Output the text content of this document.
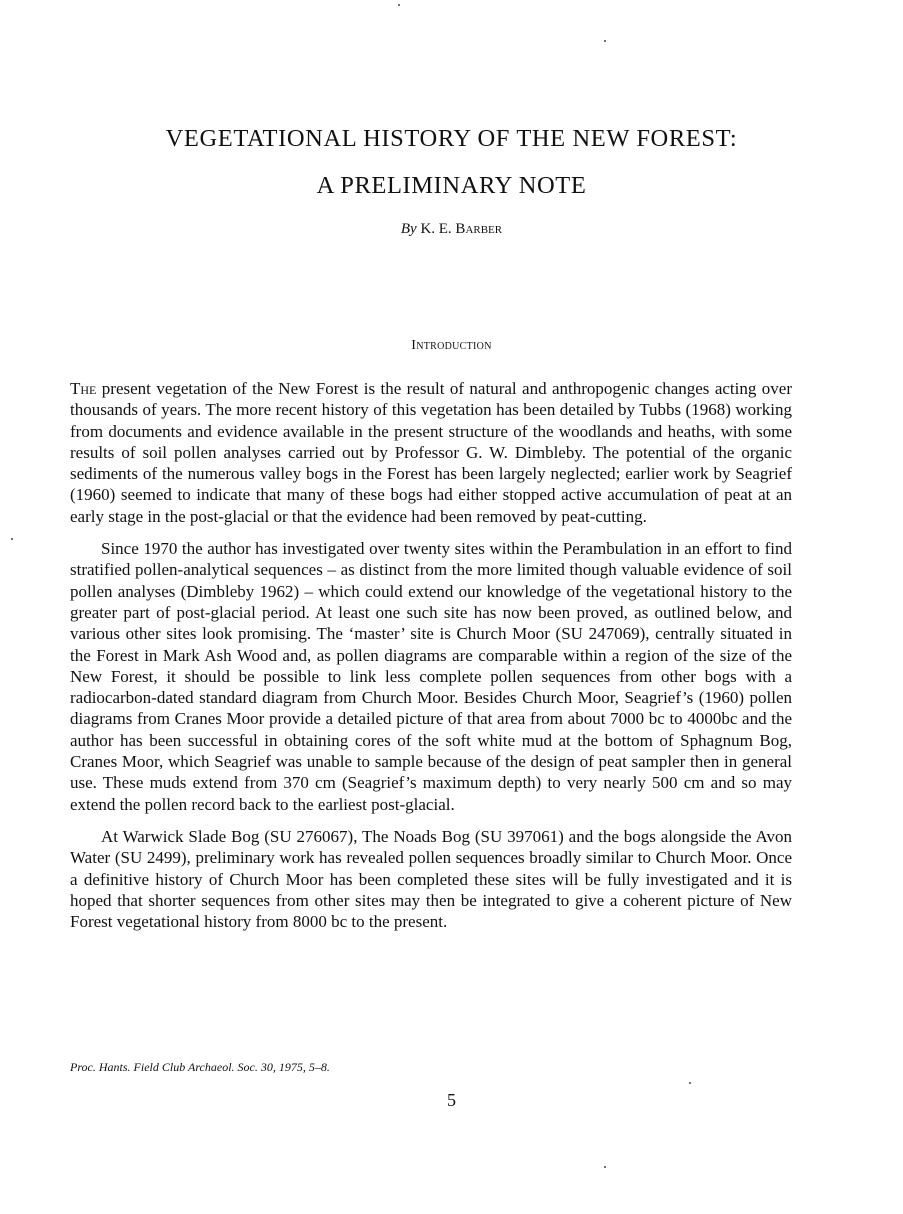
VEGETATIONAL HISTORY OF THE NEW FOREST:
A PRELIMINARY NOTE
By K. E. Barber
Introduction

The present vegetation of the New Forest is the result of natural and anthropogenic changes acting over thousands of years. The more recent history of this vegetation has been detailed by Tubbs (1968) working from documents and evidence available in the present structure of the woodlands and heaths, with some results of soil pollen analyses carried out by Professor G. W. Dimbleby. The potential of the organic sediments of the numerous valley bogs in the Forest has been largely neglected; earlier work by Seagrief (1960) seemed to indicate that many of these bogs had either stopped active accumulation of peat at an early stage in the post-glacial or that the evidence had been removed by peat-cutting.

Since 1970 the author has investigated over twenty sites within the Perambulation in an effort to find stratified pollen-analytical sequences – as distinct from the more limited though valuable evidence of soil pollen analyses (Dimbleby 1962) – which could extend our knowledge of the vegetational history to the greater part of post-glacial period. At least one such site has now been proved, as outlined below, and various other sites look promising. The ‘master’ site is Church Moor (SU 247069), centrally situated in the Forest in Mark Ash Wood and, as pollen diagrams are comparable within a region of the size of the New Forest, it should be possible to link less complete pollen sequences from other bogs with a radiocarbon-dated standard diagram from Church Moor. Besides Church Moor, Seagrief’s (1960) pollen diagrams from Cranes Moor provide a detailed picture of that area from about 7000 bc to 4000bc and the author has been successful in obtaining cores of the soft white mud at the bottom of Sphagnum Bog, Cranes Moor, which Seagrief was unable to sample because of the design of peat sampler then in general use. These muds extend from 370 cm (Seagrief’s maximum depth) to very nearly 500 cm and so may extend the pollen record back to the earliest post-glacial.

At Warwick Slade Bog (SU 276067), The Noads Bog (SU 397061) and the bogs alongside the Avon Water (SU 2499), preliminary work has revealed pollen sequences broadly similar to Church Moor. Once a definitive history of Church Moor has been completed these sites will be fully investigated and it is hoped that shorter sequences from other sites may then be integrated to give a coherent picture of New Forest vegetational history from 8000 bc to the present.

Proc. Hants. Field Club Archaeol. Soc. 30, 1975, 5–8.
5
